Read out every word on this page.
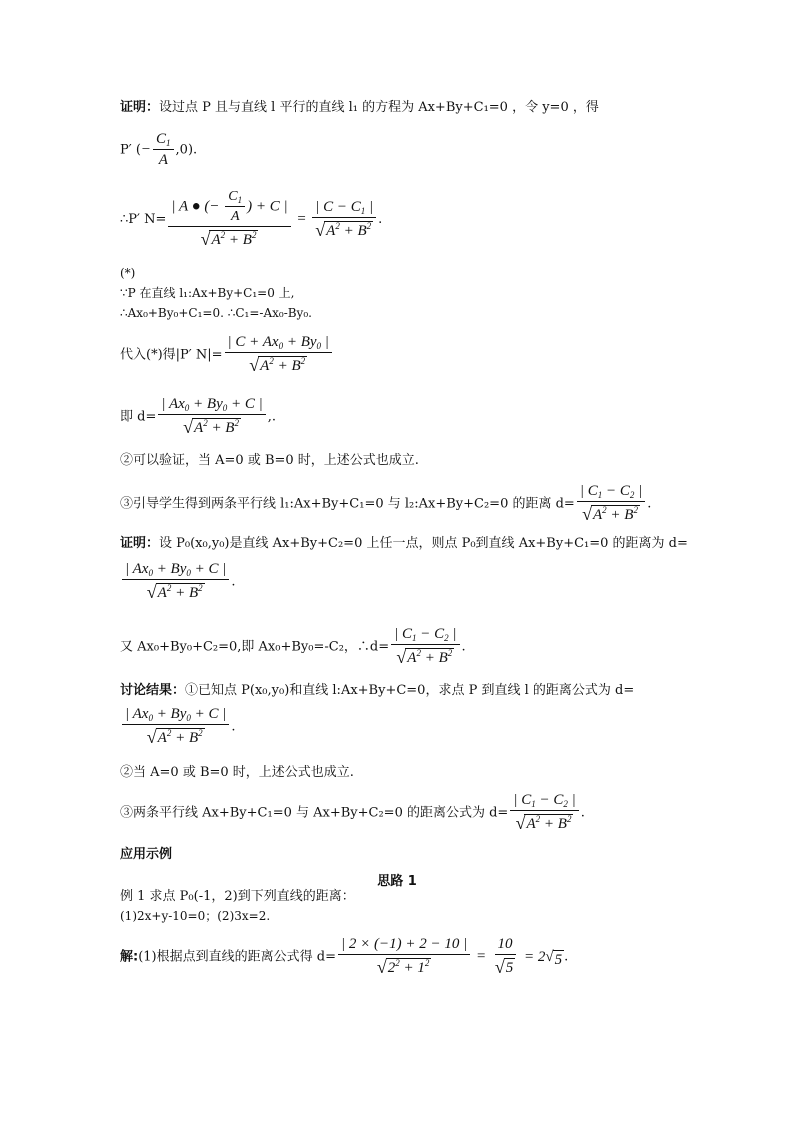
证明：设过点 P 且与直线 l 平行的直线 l₁ 的方程为 Ax+By+C₁=0 ，令 y=0 ，得
P′ (− $\frac{C_1}{A} ,0$).
∴P′ $N= \frac{| A ● (- \frac{C_1}{A} ) + C |}{√ A^2 + B^2} = \frac{| C - C_1 |}{√ A^2 + B^2}$ .
(*)
∵P 在直线 l₁:Ax+By+C₁=0 上,
∴Ax₀+By₀+C₁=0. ∴C₁=-Ax₀-By₀.
代入(*)得|P′ $N|= \frac{| C + Ax_0 + By_0 |}{√ A^2 + B^2}$
即 $d= \frac{| Ax_0 + By_0 + C |}{√ A^2 + B^2}$ ,.
②可以验证，当 A=0 或 B=0 时，上述公式也成立.
③引导学生得到两条平行线 l₁:Ax+By+C₁=0 与 l₂:Ax+By+C₂=0 的距离 $d= \frac{| C_1 - C_2 |}{√ A^2 + B^2}$ .
证明：设 P₀(x₀,y₀)是直线 Ax+By+C₂=0 上任一点，则点 P₀到直线 Ax+By+C₁=0 的距离为 d=
$\frac{| Ax_0 + By_0 + C |}{√ A^2 + B^2}$ .
又 Ax₀+By₀+C₂=0,即 Ax₀+By₀=-C₂，∴d= $\frac{| C_1 - C_2 |}{√ A^2 + B^2}$ .
讨论结果：①已知点 P(x₀,y₀)和直线 l:Ax+By+C=0，求点 P 到直线 l 的距离公式为 d=
$\frac{| Ax_0 + By_0 + C |}{√ A^2 + B^2}$ .
②当 A=0 或 B=0 时，上述公式也成立.
③两条平行线 Ax+By+C₁=0 与 Ax+By+C₂=0 的距离公式为 $d= \frac{| C_1 - C_2 |}{√ A^2 + B^2}$ .
应用示例
思路 1
例 1 求点 P₀(-1，2)到下列直线的距离：
(1)2x+y-10=0；(2)3x=2.
解:(1)根据点到直线的距离公式得 $d= \frac{| 2 \times (-1) + 2 - 10 |}{√ 2^2 + 1^2} = \frac{10}{√ 5} = 2$ √ 5 .
